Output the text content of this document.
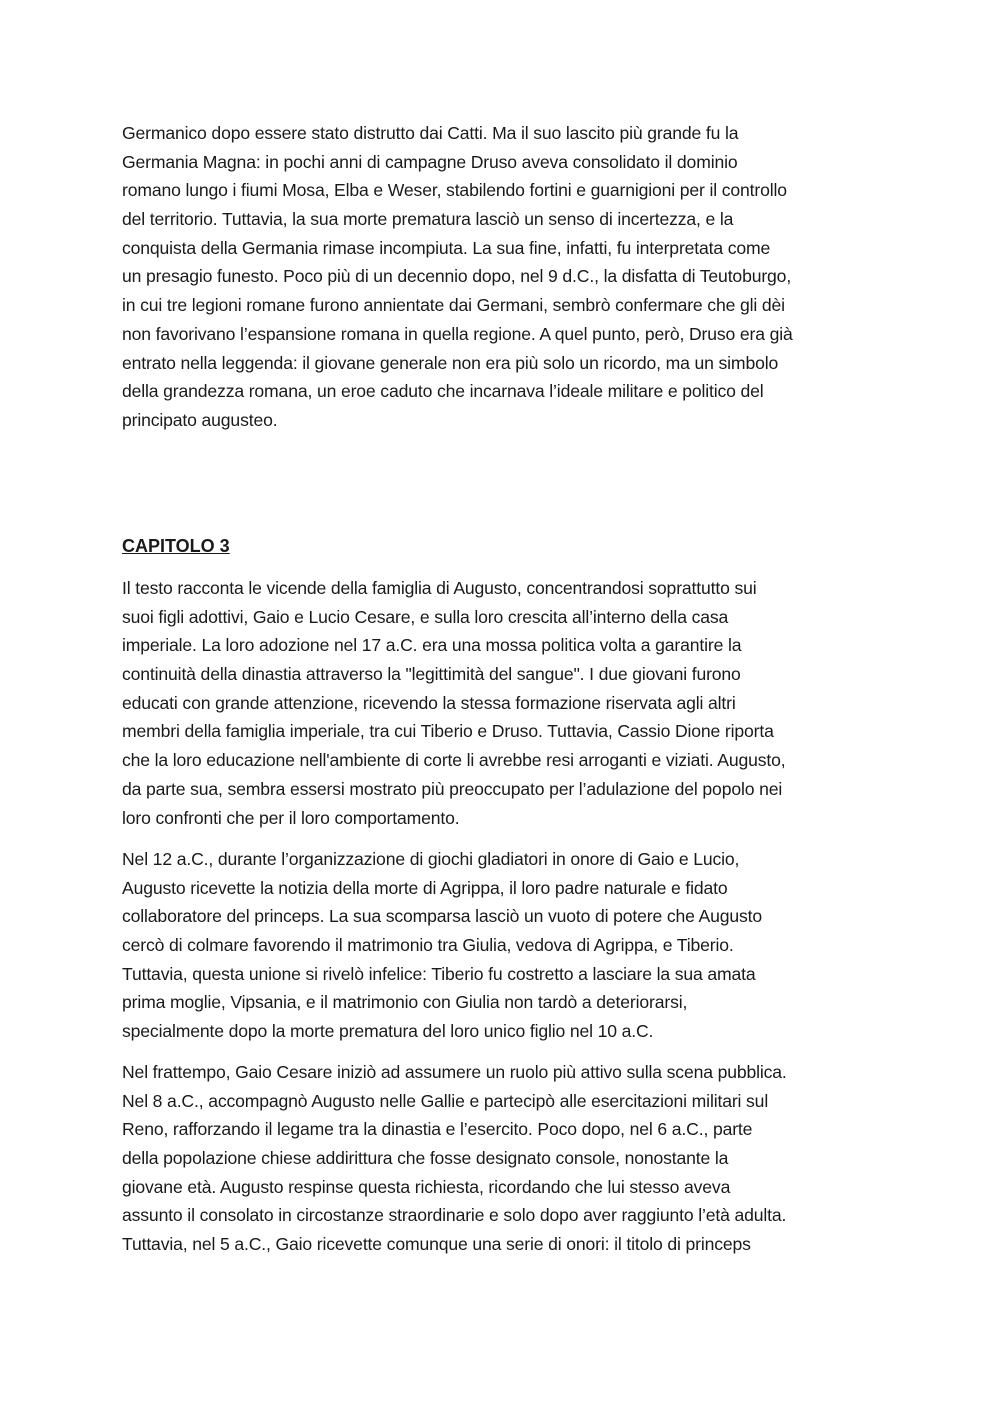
Germanico dopo essere stato distrutto dai Catti. Ma il suo lascito più grande fu la
Germania Magna: in pochi anni di campagne Druso aveva consolidato il dominio
romano lungo i fiumi Mosa, Elba e Weser, stabilendo fortini e guarnigioni per il controllo
del territorio. Tuttavia, la sua morte prematura lasciò un senso di incertezza, e la
conquista della Germania rimase incompiuta. La sua fine, infatti, fu interpretata come
un presagio funesto. Poco più di un decennio dopo, nel 9 d.C., la disfatta di Teutoburgo,
in cui tre legioni romane furono annientate dai Germani, sembrò confermare che gli dèi
non favorivano l’espansione romana in quella regione. A quel punto, però, Druso era già
entrato nella leggenda: il giovane generale non era più solo un ricordo, ma un simbolo
della grandezza romana, un eroe caduto che incarnava l’ideale militare e politico del
principato augusteo.
CAPITOLO 3
Il testo racconta le vicende della famiglia di Augusto, concentrandosi soprattutto sui
suoi figli adottivi, Gaio e Lucio Cesare, e sulla loro crescita all’interno della casa
imperiale. La loro adozione nel 17 a.C. era una mossa politica volta a garantire la
continuità della dinastia attraverso la "legittimità del sangue". I due giovani furono
educati con grande attenzione, ricevendo la stessa formazione riservata agli altri
membri della famiglia imperiale, tra cui Tiberio e Druso. Tuttavia, Cassio Dione riporta
che la loro educazione nell'ambiente di corte li avrebbe resi arroganti e viziati. Augusto,
da parte sua, sembra essersi mostrato più preoccupato per l’adulazione del popolo nei
loro confronti che per il loro comportamento.
Nel 12 a.C., durante l’organizzazione di giochi gladiatori in onore di Gaio e Lucio,
Augusto ricevette la notizia della morte di Agrippa, il loro padre naturale e fidato
collaboratore del princeps. La sua scomparsa lasciò un vuoto di potere che Augusto
cercò di colmare favorendo il matrimonio tra Giulia, vedova di Agrippa, e Tiberio.
Tuttavia, questa unione si rivelò infelice: Tiberio fu costretto a lasciare la sua amata
prima moglie, Vipsania, e il matrimonio con Giulia non tardò a deteriorarsi,
specialmente dopo la morte prematura del loro unico figlio nel 10 a.C.
Nel frattempo, Gaio Cesare iniziò ad assumere un ruolo più attivo sulla scena pubblica.
Nel 8 a.C., accompagnò Augusto nelle Gallie e partecipò alle esercitazioni militari sul
Reno, rafforzando il legame tra la dinastia e l’esercito. Poco dopo, nel 6 a.C., parte
della popolazione chiese addirittura che fosse designato console, nonostante la
giovane età. Augusto respinse questa richiesta, ricordando che lui stesso aveva
assunto il consolato in circostanze straordinarie e solo dopo aver raggiunto l’età adulta.
Tuttavia, nel 5 a.C., Gaio ricevette comunque una serie di onori: il titolo di princeps
